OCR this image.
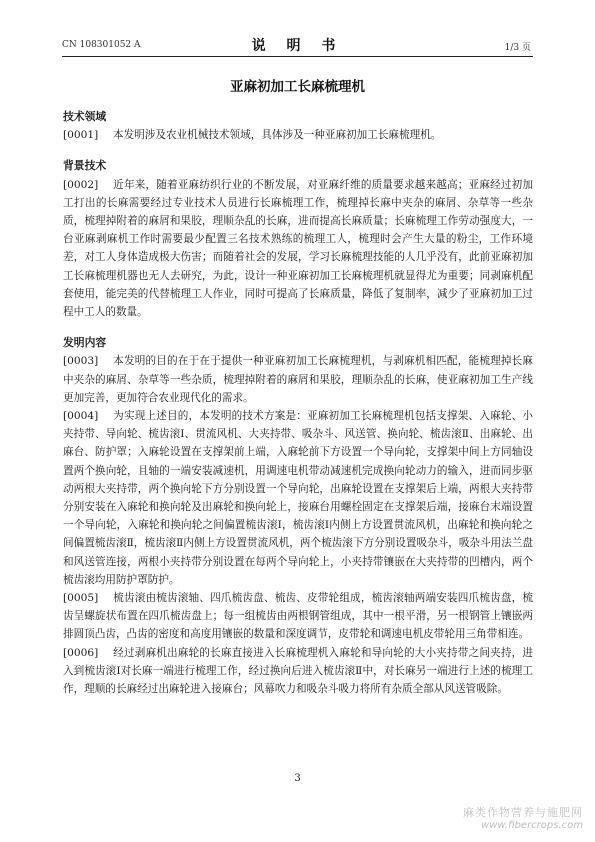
CN 108301052 A	说 明 书	1/3 页
亚麻初加工长麻梳理机

技术领域

[0001] 本发明涉及农业机械技术领域，具体涉及一种亚麻初加工长麻梳理机。

背景技术

[0002] 近年来，随着亚麻纺织行业的不断发展，对亚麻纤维的质量要求越来越高；亚麻经过初加工打出的长麻需要经过专业技术人员进行长麻梳理工作，梳理掉长麻中夹杂的麻屑、杂草等一些杂质，梳理掉附着的麻屑和果胶，理顺杂乱的长麻，进而提高长麻质量；长麻梳理工作劳动强度大，一台亚麻剥麻机工作时需要最少配置三名技术熟练的梳理工人，梳理时会产生大量的粉尘，工作环境差，对工人身体造成极大伤害；而随着社会的发展，学习长麻梳理技能的人几乎没有，此前亚麻初加工长麻梳理机器也无人去研究，为此，设计一种亚麻初加工长麻梳理机就显得尤为重要；同剥麻机配套使用，能完美的代替梳理工人作业，同时可提高了长麻质量，降低了复制率，减少了亚麻初加工过程中工人的数量。

发明内容

[0003] 本发明的目的在于在于提供一种亚麻初加工长麻梳理机，与剥麻机相匹配，能梳理掉长麻中夹杂的麻屑、杂草等一些杂质，梳理掉附着的麻屑和果胶，理顺杂乱的长麻，使亚麻初加工生产线更加完善，更加符合农业现代化的需求。

[0004] 为实现上述目的，本发明的技术方案是：亚麻初加工长麻梳理机包括支撑架、入麻轮、小夹持带、导向轮、梳齿滚Ⅰ、贯流风机、大夹持带、吸杂斗、风送管、换向轮、梳齿滚Ⅱ、出麻轮、出麻台、防护罩；入麻轮设置在支撑架前上端，入麻轮前下方设置一个导向轮，支撑架中间上方同轴设置两个换向轮，且轴的一端安装减速机，用调速电机带动减速机完成换向轮动力的输入，进而同步驱动两根大夹持带，两个换向轮下方分别设置一个导向轮，出麻轮设置在支撑架后上端，两根大夹持带分别安装在入麻轮和换向轮及出麻轮和换向轮上，接麻台用螺栓固定在支撑架后端，接麻台末端设置一个导向轮，入麻轮和换向轮之间偏置梳齿滚Ⅰ，梳齿滚Ⅰ内侧上方设置贯流风机，出麻轮和换向轮之间偏置梳齿滚Ⅱ，梳齿滚Ⅱ内侧上方设置贯流风机，两个梳齿滚下方分别设置吸杂斗，吸杂斗用法兰盘和风送管连接，两根小夹持带分别设置在每两个导向轮上，小夹持带镶嵌在大夹持带的凹槽内，两个梳齿滚均用防护罩防护。

[0005] 梳齿滚由梳齿滚轴、四爪梳齿盘、梳齿、皮带轮组成，梳齿滚轴两端安装四爪梳齿盘，梳齿呈螺旋状布置在四爪梳齿盘上；每一组梳齿由两根钢管组成，其中一根平滑，另一根钢管上镶嵌两排圆顶凸齿，凸齿的密度和高度用镶嵌的数量和深度调节，皮带轮和调速电机皮带轮用三角带相连。

[0006] 经过剥麻机出麻轮的长麻直接进入长麻梳理机入麻轮和导向轮的大小夹持带之间夹持，进入到梳齿滚Ⅰ对长麻一端进行梳理工作，经过换向后进入梳齿滚Ⅱ中，对长麻另一端进行上述的梳理工作，理顺的长麻经过出麻轮进入接麻台；风幕吹力和吸杂斗吸力将所有杂质全部从风送管吸除。

3
麻类作物营养与施肥网
www.fibercrops.com
